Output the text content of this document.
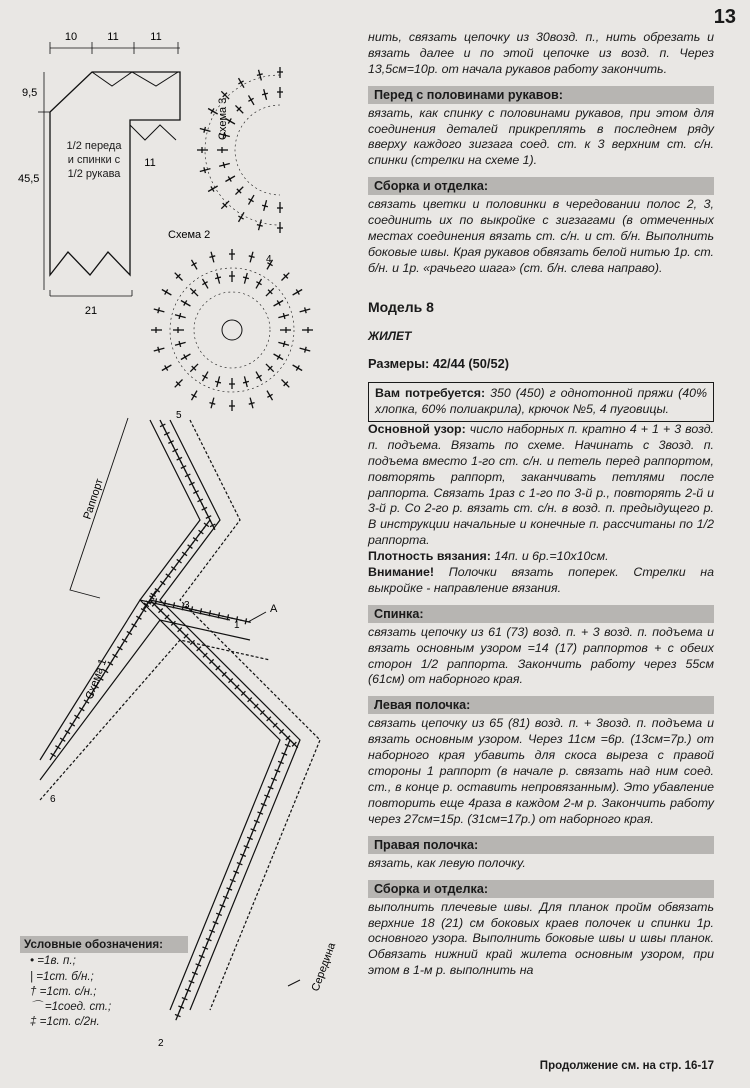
13

нить, связать цепочку из 30возд. п., нить обрезать и вязать далее и по этой цепочке из возд. п. Через 13,5см=10р. от начала рукавов работу закончить.

Перед с половинами рукавов:

вязать, как спинку с половинами рукавов, при этом для соединения деталей прикреплять в последнем ряду вверху каждого зигзага соед. ст. к 3 верхним ст. с/н. спинки (стрелки на схеме 1).

Сборка и отделка:

связать цветки и половинки в чередовании полос 2, 3, соединить их по выкройке с зигзагами (в отмеченных местах соединения вязать ст. с/н. и ст. б/н. Выполнить боковые швы. Края рукавов обвязать белой нитью 1р. ст. б/н. и 1р. «рачьего шага» (ст. б/н. слева направо).

Модель 8
ЖИЛЕТ
Размеры: 42/44 (50/52)
Вам потребуется: 350 (450) г однотонной пряжи (40% хлопка, 60% полиакрила), крючок №5, 4 пуговицы.

Основной узор: число наборных п. кратно 4 + 1 + 3 возд. п. подъема. Вязать по схеме. Начинать с 3возд. п. подъема вместо 1-го ст. с/н. и петель перед раппортом, повторять раппорт, заканчивать петлями после раппорта. Связать 1раз с 1-го по 3-й р., повторять 2-й и 3-й р. Со 2-го р. вязать ст. с/н. в возд. п. предыдущего р. В инструкции начальные и конечные п. рассчитаны по 1/2 раппорта.

Плотность вязания: 14п. и 6р.=10х10см.

Внимание! Полочки вязать поперек. Стрелки на выкройке - направление вязания.

Спинка:

связать цепочку из 61 (73) возд. п. + 3 возд. п. подъема и вязать основным узором =14 (17) раппортов + с обеих сторон 1/2 раппорта. Закончить работу через 55см (61см) от наборного края.

Левая полочка:

связать цепочку из 65 (81) возд. п. + 3возд. п. подъема и вязать основным узором. Через 11см =6р. (13см=7р.) от наборного края убавить для скоса выреза с правой стороны 1 раппорт (в начале р. связать над ним соед. ст., в конце р. оставить непровязанным). Это убавление повторить еще 4раза в каждом 2-м р. Закончить работу через 27см=15р. (31см=17р.) от наборного края.

Правая полочка:

вязать, как левую полочку.

Сборка и отделка:

выполнить плечевые швы. Для планок пройм обвязать верхние 18 (21) см боковых краев полочек и спинки 1р. основного узора. Выполнить боковые швы и швы планок. Обвязать нижний край жилета основным узором, при этом в 1-м р. выполнить на

Продолжение см. на стр. 16-17
10	11	11
9,5
45,5
11
21
Схема 2
Схема 3
Схема 1
Раппорт
Середина
А
1
2
3
4
5
6
1/2 переда и спинки с 1/2 рукава
Условные обозначения:
• =1в. п.;
| =1ст. б/н.;
† =1ст. с/н.;
⌒ =1соед. ст.;
‡ =1ст. с/2н.
